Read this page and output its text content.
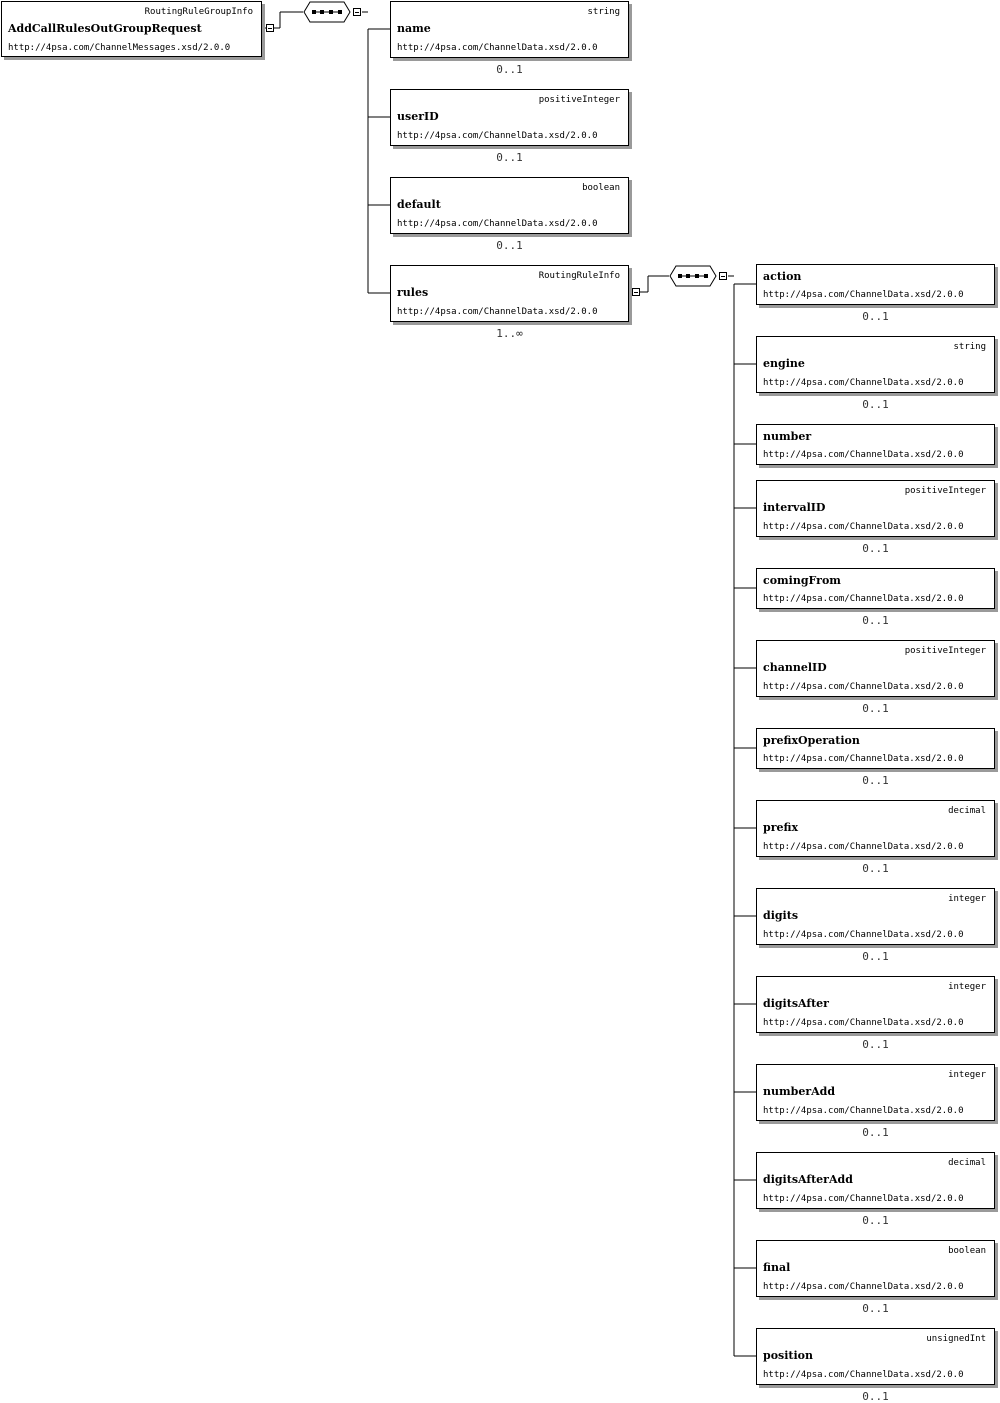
RoutingRuleGroupInfo
AddCallRulesOutGroupRequest
http://4psa.com/ChannelMessages.xsd/2.0.0
string
name
http://4psa.com/ChannelData.xsd/2.0.0
0..1
positiveInteger
userID
http://4psa.com/ChannelData.xsd/2.0.0
0..1
boolean
default
http://4psa.com/ChannelData.xsd/2.0.0
0..1
RoutingRuleInfo
rules
http://4psa.com/ChannelData.xsd/2.0.0
1..∞
action
http://4psa.com/ChannelData.xsd/2.0.0
0..1
string
engine
http://4psa.com/ChannelData.xsd/2.0.0
0..1
number
http://4psa.com/ChannelData.xsd/2.0.0
positiveInteger
intervalID
http://4psa.com/ChannelData.xsd/2.0.0
0..1
comingFrom
http://4psa.com/ChannelData.xsd/2.0.0
0..1
positiveInteger
channelID
http://4psa.com/ChannelData.xsd/2.0.0
0..1
prefixOperation
http://4psa.com/ChannelData.xsd/2.0.0
0..1
decimal
prefix
http://4psa.com/ChannelData.xsd/2.0.0
0..1
integer
digits
http://4psa.com/ChannelData.xsd/2.0.0
0..1
integer
digitsAfter
http://4psa.com/ChannelData.xsd/2.0.0
0..1
integer
numberAdd
http://4psa.com/ChannelData.xsd/2.0.0
0..1
decimal
digitsAfterAdd
http://4psa.com/ChannelData.xsd/2.0.0
0..1
boolean
final
http://4psa.com/ChannelData.xsd/2.0.0
0..1
unsignedInt
position
http://4psa.com/ChannelData.xsd/2.0.0
0..1
